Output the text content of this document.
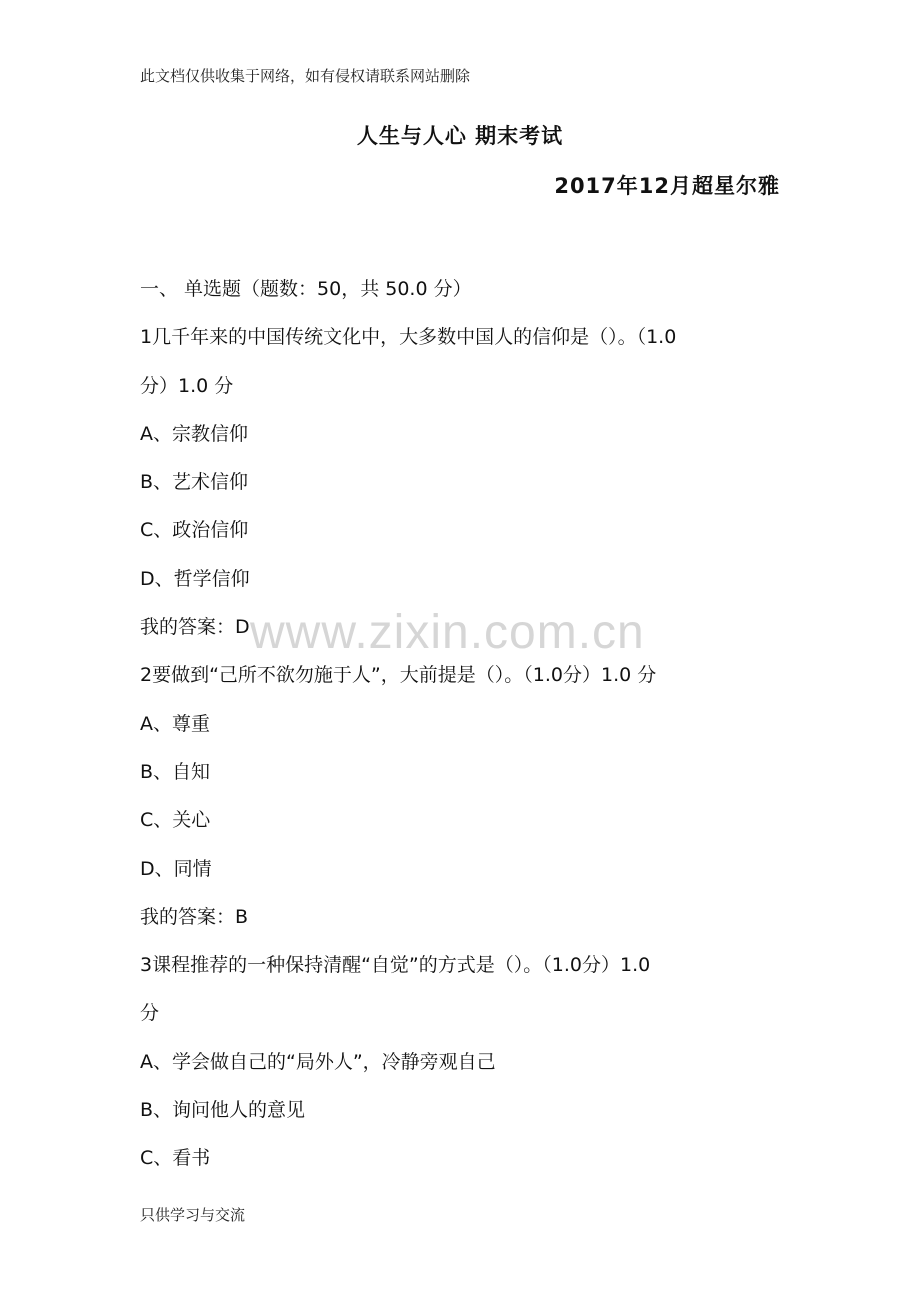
此文档仅供收集于网络，如有侵权请联系网站删除
人生与人心 期末考试
2017年12月超星尔雅
一、 单选题（题数：50，共 50.0 分）
1几千年来的中国传统文化中，大多数中国人的信仰是（）。（1.0
分）1.0 分
A、宗教信仰
B、艺术信仰
C、政治信仰
D、哲学信仰
我的答案：D
2要做到“己所不欲勿施于人”，大前提是（）。（1.0分）1.0 分
A、尊重
B、自知
C、关心
D、同情
我的答案：B
3课程推荐的一种保持清醒“自觉”的方式是（）。（1.0分）1.0
分
A、学会做自己的“局外人”，冷静旁观自己
B、询问他人的意见
C、看书
www.zixin.com.cn
只供学习与交流
